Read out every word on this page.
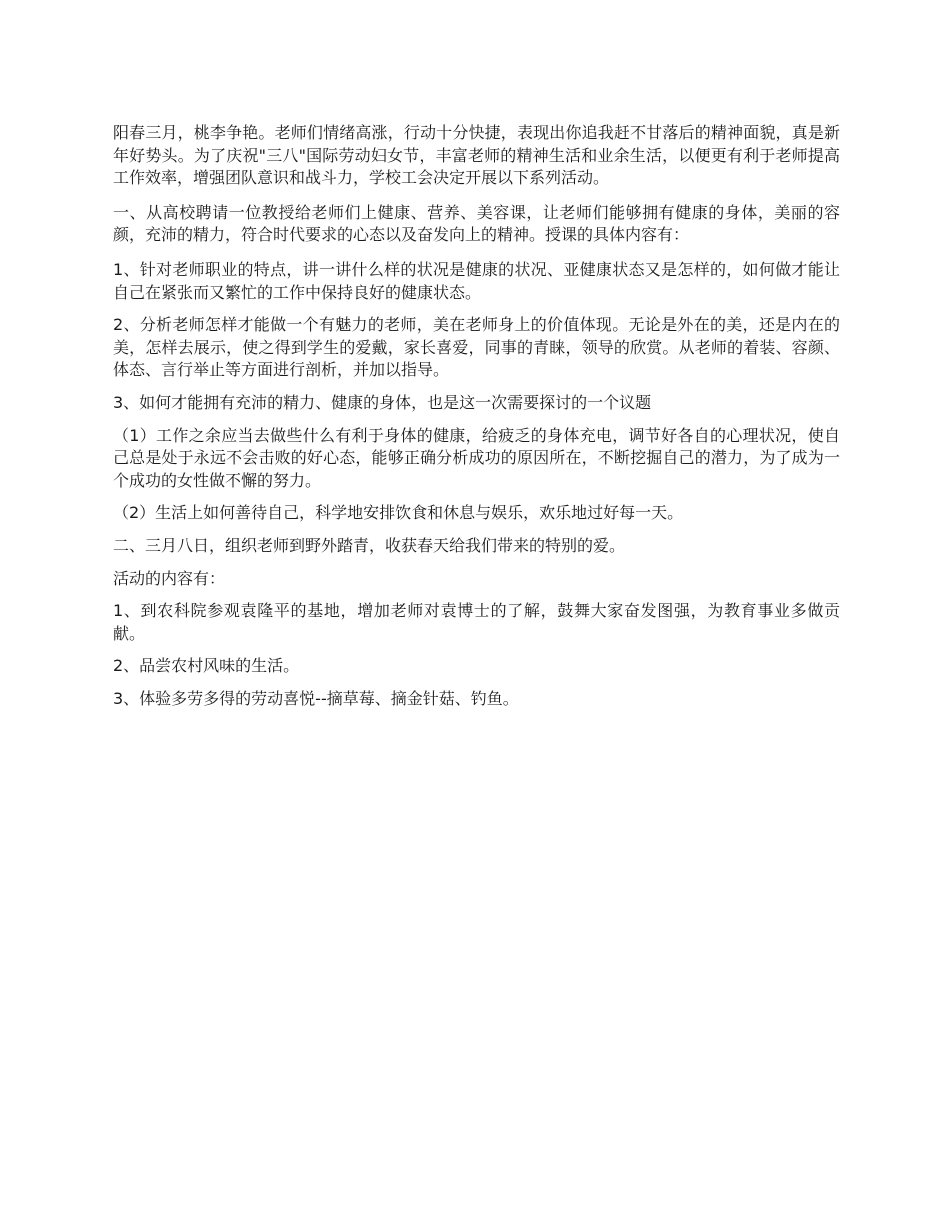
阳春三月，桃李争艳。老师们情绪高涨，行动十分快捷，表现出你追我赶不甘落后的精神面貌，真是新年好势头。为了庆祝"三八"国际劳动妇女节，丰富老师的精神生活和业余生活，以便更有利于老师提高工作效率，增强团队意识和战斗力，学校工会决定开展以下系列活动。

一、从高校聘请一位教授给老师们上健康、营养、美容课，让老师们能够拥有健康的身体，美丽的容颜，充沛的精力，符合时代要求的心态以及奋发向上的精神。授课的具体内容有：

1、针对老师职业的特点，讲一讲什么样的状况是健康的状况、亚健康状态又是怎样的，如何做才能让自己在紧张而又繁忙的工作中保持良好的健康状态。

2、分析老师怎样才能做一个有魅力的老师，美在老师身上的价值体现。无论是外在的美，还是内在的美，怎样去展示，使之得到学生的爱戴，家长喜爱，同事的青睐，领导的欣赏。从老师的着装、容颜、体态、言行举止等方面进行剖析，并加以指导。

3、如何才能拥有充沛的精力、健康的身体，也是这一次需要探讨的一个议题

（1）工作之余应当去做些什么有利于身体的健康，给疲乏的身体充电，调节好各自的心理状况，使自己总是处于永远不会击败的好心态，能够正确分析成功的原因所在，不断挖掘自己的潜力，为了成为一个成功的女性做不懈的努力。

（2）生活上如何善待自己，科学地安排饮食和休息与娱乐，欢乐地过好每一天。

二、三月八日，组织老师到野外踏青，收获春天给我们带来的特别的爱。

活动的内容有：

1、到农科院参观袁隆平的基地，增加老师对袁博士的了解，鼓舞大家奋发图强，为教育事业多做贡献。

2、品尝农村风味的生活。

3、体验多劳多得的劳动喜悦--摘草莓、摘金针菇、钓鱼。
